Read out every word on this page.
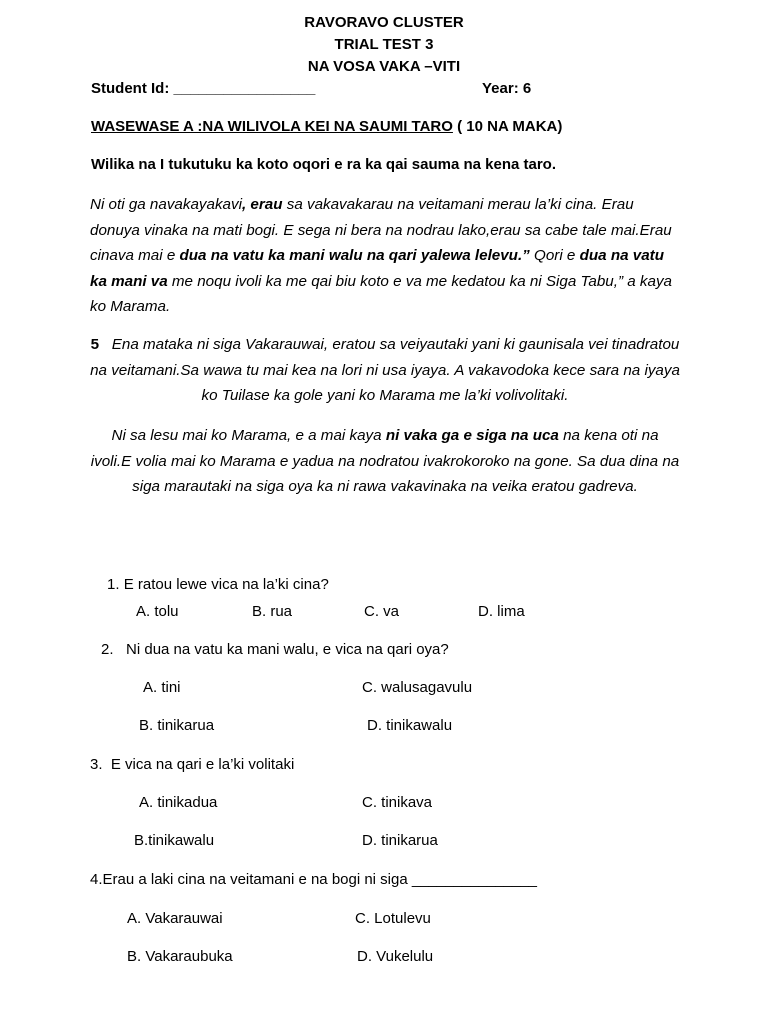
RAVORAVO CLUSTER
TRIAL TEST 3
NA VOSA VAKA –VITI
Student Id: _________________	Year: 6
WASEWASE A :NA WILIVOLA KEI NA SAUMI TARO ( 10 NA MAKA)
Wilika na I tukutuku ka koto oqori e ra ka qai sauma na kena taro.
Ni oti ga navakayakavi, erau sa vakavakarau na veitamani merau la’ki cina. Erau donuya vinaka na mati bogi. E sega ni bera na nodrau lako,erau sa cabe tale mai.Erau cinava mai e dua na vatu ka mani walu na qari yalewa lelevu.” Qori e dua na vatu ka mani va me noqu ivoli ka me qai biu koto e va me kedatou ka ni Siga Tabu,” a kaya ko Marama.
5 Ena mataka ni siga Vakarauwai, eratou sa veiyautaki yani ki gaunisala vei tinadratou na veitamani.Sa wawa tu mai kea na lori ni usa iyaya. A vakavodoka kece sara na iyaya ko Tuilase ka gole yani ko Marama me la’ki volivolitaki.
Ni sa lesu mai ko Marama, e a mai kaya ni vaka ga e siga na uca na kena oti na ivoli.E volia mai ko Marama e yadua na nodratou ivakrokoroko na gone. Sa dua dina na siga marautaki na siga oya ka ni rawa vakavinaka na veika eratou gadreva.
1. E ratou lewe vica na la’ki cina?
A. tolu	B. rua	C. va	D. lima
2. Ni dua na vatu ka mani walu, e vica na qari oya?
A. tini	C. walusagavulu
B. tinikarua	D. tinikawalu
3. E vica na qari e la’ki volitaki
A. tinikadua	C. tinikava
B.tinikawalu	D. tinikarua
4.Erau a laki cina na veitamani e na bogi ni siga _______________
A. Vakarauwai	C. Lotulevu
B. Vakaraubuka	D. Vukelulu
